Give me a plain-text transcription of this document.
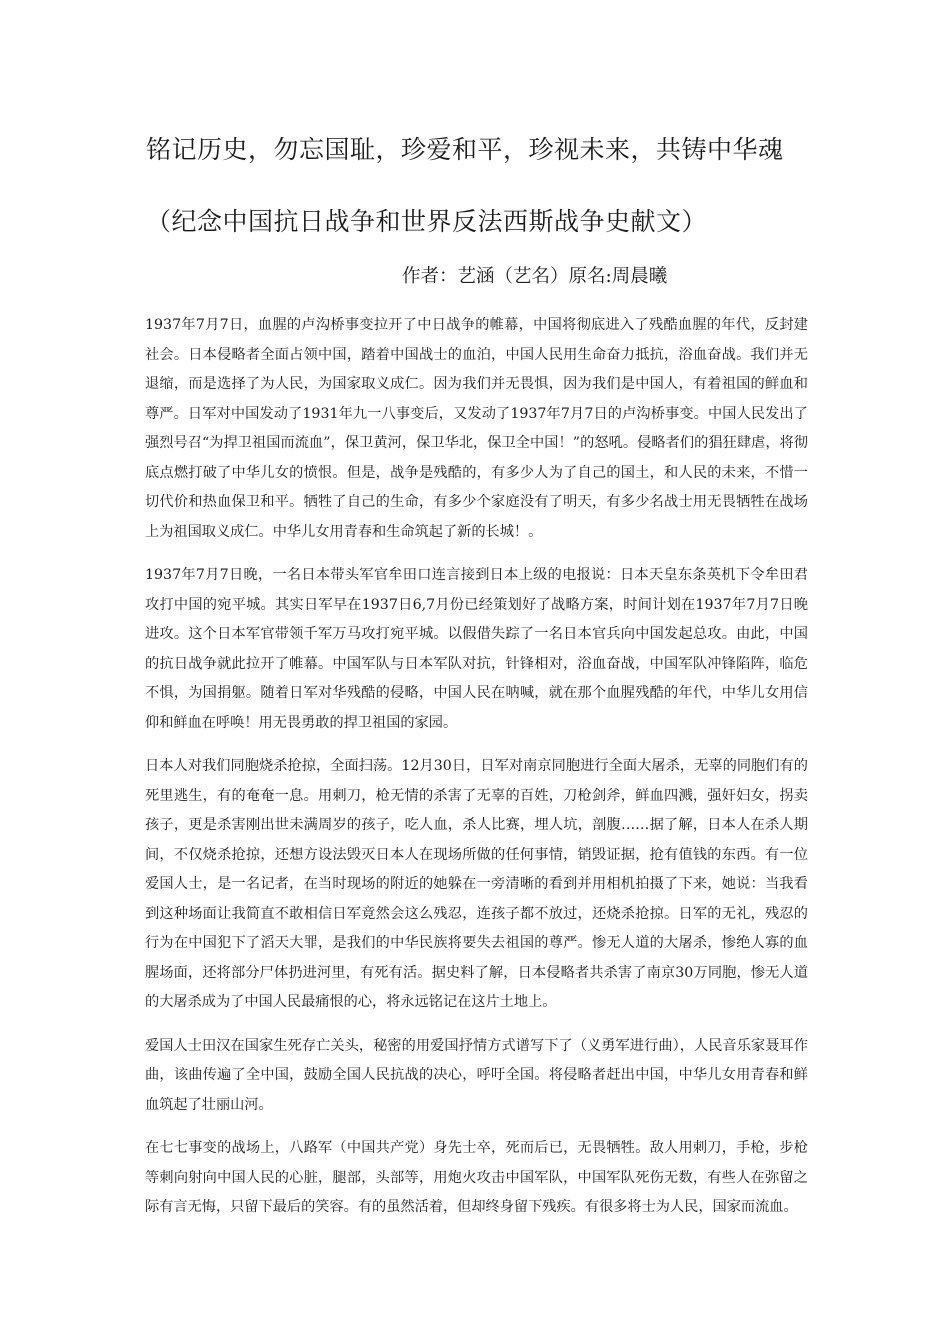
铭记历史，勿忘国耻，珍爱和平，珍视未来，共铸中华魂
（纪念中国抗日战争和世界反法西斯战争史献文）

作者：艺涵（艺名）原名:周晨曦

1937年7月7日，血腥的卢沟桥事变拉开了中日战争的帷幕，中国将彻底进入了残酷血腥的年代，反封建社会。日本侵略者全面占领中国，踏着中国战士的血泊，中国人民用生命奋力抵抗，浴血奋战。我们并无退缩，而是选择了为人民，为国家取义成仁。因为我们并无畏惧，因为我们是中国人，有着祖国的鲜血和尊严。日军对中国发动了1931年九一八事变后，又发动了1937年7月7日的卢沟桥事变。中国人民发出了强烈号召“为捍卫祖国而流血”，保卫黄河，保卫华北，保卫全中国！”的怒吼。侵略者们的猖狂肆虐，将彻底点燃打破了中华儿女的愤恨。但是，战争是残酷的，有多少人为了自己的国土，和人民的未来，不惜一切代价和热血保卫和平。牺牲了自己的生命，有多少个家庭没有了明天，有多少名战士用无畏牺牲在战场上为祖国取义成仁。中华儿女用青春和生命筑起了新的长城！。

1937年7月7日晚，一名日本带头军官牟田口连言接到日本上级的电报说：日本天皇东条英机下令牟田君攻打中国的宛平城。其实日军早在1937日6,7月份已经策划好了战略方案，时间计划在1937年7月7日晚进攻。这个日本军官带领千军万马攻打宛平城。以假借失踪了一名日本官兵向中国发起总攻。由此，中国的抗日战争就此拉开了帷幕。中国军队与日本军队对抗，针锋相对，浴血奋战，中国军队冲锋陷阵，临危不惧，为国捐躯。随着日军对华残酷的侵略，中国人民在呐喊，就在那个血腥残酷的年代，中华儿女用信仰和鲜血在呼唤！用无畏勇敢的捍卫祖国的家园。

日本人对我们同胞烧杀抢掠，全面扫荡。12月30日，日军对南京同胞进行全面大屠杀，无辜的同胞们有的死里逃生，有的奄奄一息。用刺刀，枪无情的杀害了无辜的百姓，刀枪剑斧，鲜血四溅，强奸妇女，拐卖孩子，更是杀害刚出世未满周岁的孩子，吃人血，杀人比赛，埋人坑，剖腹……据了解，日本人在杀人期间，不仅烧杀抢掠，还想方设法毁灭日本人在现场所做的任何事情，销毁证据，抢有值钱的东西。有一位爱国人士，是一名记者，在当时现场的附近的她躲在一旁清晰的看到并用相机拍摄了下来，她说：当我看到这种场面让我简直不敢相信日军竟然会这么残忍，连孩子都不放过，还烧杀抢掠。日军的无礼，残忍的行为在中国犯下了滔天大罪，是我们的中华民族将要失去祖国的尊严。惨无人道的大屠杀，惨绝人寡的血腥场面，还将部分尸体扔进河里，有死有活。据史料了解，日本侵略者共杀害了南京30万同胞，惨无人道的大屠杀成为了中国人民最痛恨的心，将永远铭记在这片土地上。

爱国人士田汉在国家生死存亡关头，秘密的用爱国抒情方式谱写下了（义勇军进行曲），人民音乐家聂耳作曲，该曲传遍了全中国，鼓励全国人民抗战的决心，呼吁全国。将侵略者赶出中国，中华儿女用青春和鲜血筑起了壮丽山河。

在七七事变的战场上，八路军（中国共产党）身先士卒，死而后已，无畏牺牲。敌人用刺刀，手枪，步枪等刺向射向中国人民的心脏，腿部，头部等，用炮火攻击中国军队，中国军队死伤无数，有些人在弥留之际有言无悔，只留下最后的笑容。有的虽然活着，但却终身留下残疾。有很多将士为人民，国家而流血。
